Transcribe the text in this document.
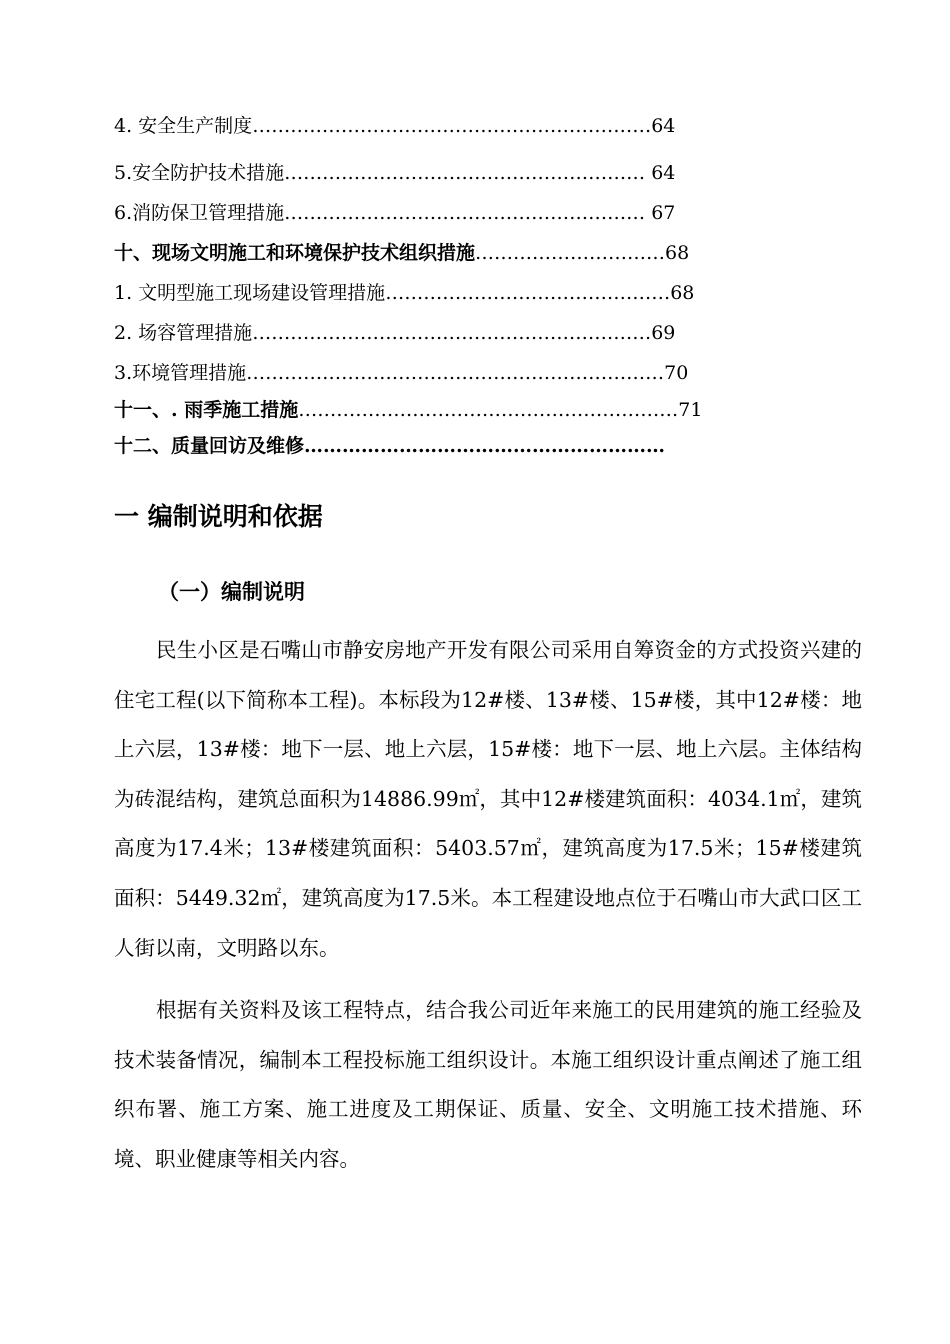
4. 安全生产制度………………………………………………………64
5.安全防护技术措施………………………………………………… 64
6.消防保卫管理措施………………………………………………… 67
十、现场文明施工和环境保护技术组织措施…………………………68
1. 文明型施工现场建设管理措施………………………………………68
2. 场容管理措施………………………………………………………69
3.环境管理措施…………………………………………………………70
十一、. 雨季施工措施……………………………………………………71
十二、质量回访及维修…………………………………………………
一 编制说明和依据
（一）编制说明

民生小区是石嘴山市静安房地产开发有限公司采用自筹资金的方式投资兴建的住宅工程(以下简称本工程)。本标段为12#楼、13#楼、15#楼，其中12#楼：地上六层，13#楼：地下一层、地上六层，15#楼：地下一层、地上六层。主体结构为砖混结构，建筑总面积为14886.99㎡，其中12#楼建筑面积：4034.1㎡，建筑高度为17.4米；13#楼建筑面积：5403.57㎡，建筑高度为17.5米；15#楼建筑面积：5449.32㎡，建筑高度为17.5米。本工程建设地点位于石嘴山市大武口区工人街以南，文明路以东。

根据有关资料及该工程特点，结合我公司近年来施工的民用建筑的施工经验及技术装备情况，编制本工程投标施工组织设计。本施工组织设计重点阐述了施工组织布署、施工方案、施工进度及工期保证、质量、安全、文明施工技术措施、环境、职业健康等相关内容。
